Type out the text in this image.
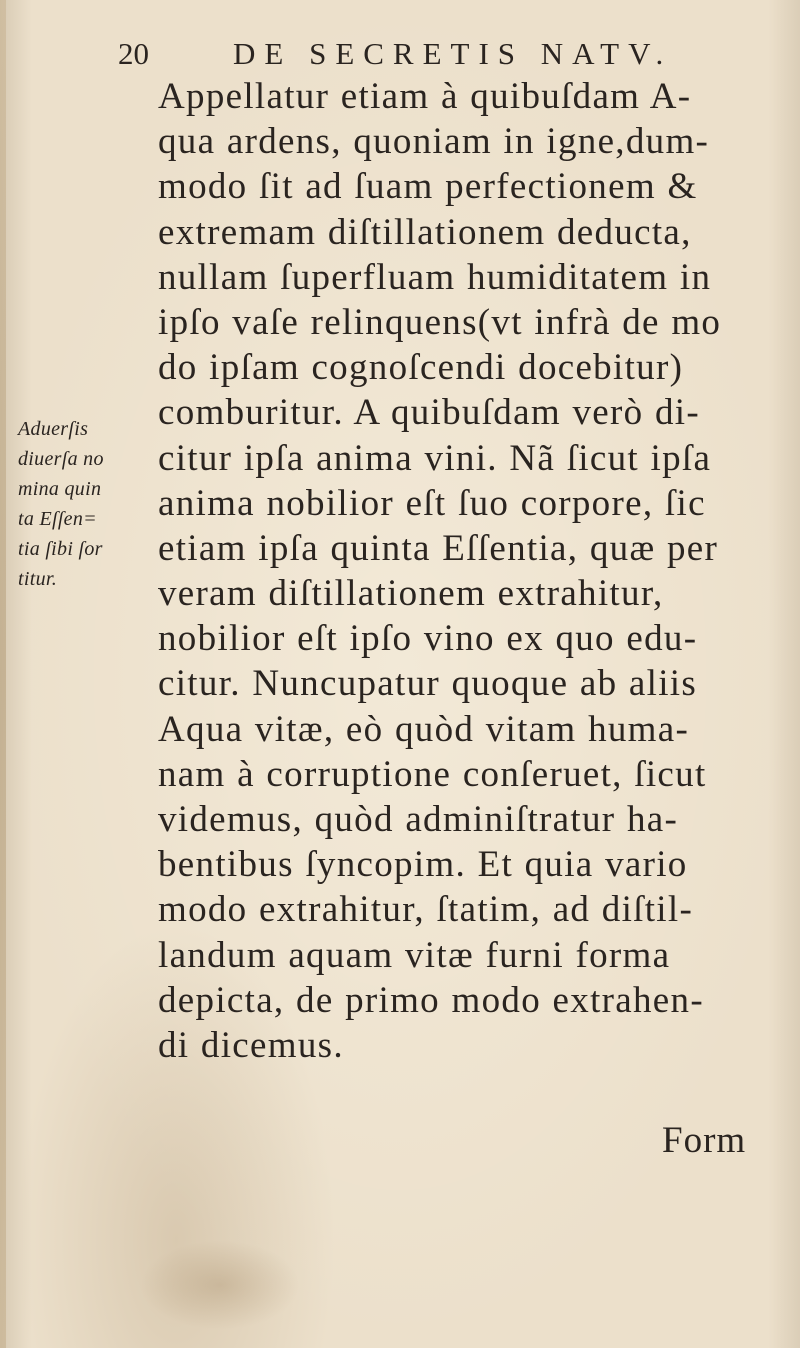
20	DE SECRETIS NATV.
Aduerſis
diuerſa no
mina quin
ta Eſſen=
tia ſibi ſor
titur.
Appellatur etiam à quibuſdam A-
qua ardens, quoniam in igne,dum-
modo ſit ad ſuam perfectionem &
extremam diſtillationem deducta,
nullam ſuperfluam humiditatem in
ipſo vaſe relinquens(vt infrà de mo
do ipſam cognoſcendi docebitur)
comburitur. A quibuſdam verò di-
citur ipſa anima vini. Nã ſicut ipſa
anima nobilior eſt ſuo corpore, ſic
etiam ipſa quinta Eſſentia, quæ per
veram diſtillationem extrahitur,
nobilior eſt ipſo vino ex quo edu-
citur. Nuncupatur quoque ab aliis
Aqua vitæ, eò quòd vitam huma-
nam à corruptione conſeruet, ſicut
videmus, quòd adminiſtratur ha-
bentibus ſyncopim. Et quia vario
modo extrahitur, ſtatim, ad diſtil-
landum aquam vitæ furni forma
depicta, de primo modo extrahen-
di dicemus.
Form
